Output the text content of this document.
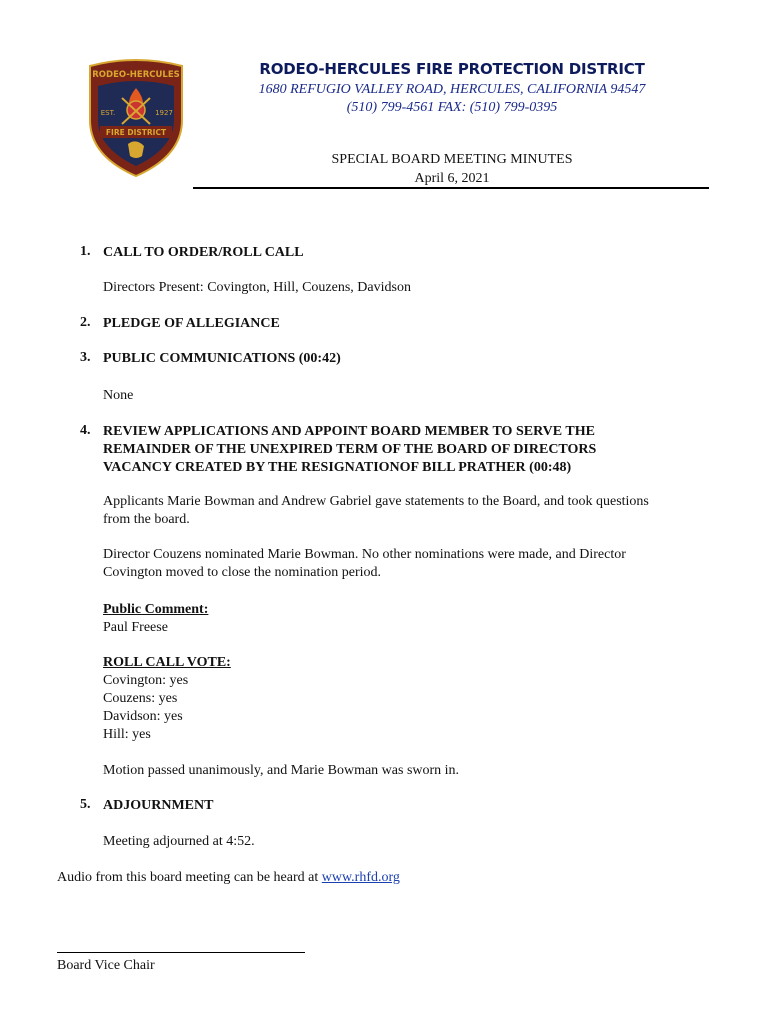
RODEO-HERCULES
EST.	1927
FIRE DISTRICT
RODEO-HERCULES FIRE PROTECTION DISTRICT
1680 REFUGIO VALLEY ROAD, HERCULES, CALIFORNIA 94547
(510) 799-4561 FAX: (510) 799-0395
SPECIAL BOARD MEETING MINUTES
April 6, 2021
1. CALL TO ORDER/ROLL CALL
Directors Present: Covington, Hill, Couzens, Davidson
2. PLEDGE OF ALLEGIANCE
3. PUBLIC COMMUNICATIONS (00:42)
None
4. REVIEW APPLICATIONS AND APPOINT BOARD MEMBER TO SERVE THE
REMAINDER OF THE UNEXPIRED TERM OF THE BOARD OF DIRECTORS
VACANCY CREATED BY THE RESIGNATIONOF BILL PRATHER (00:48)
Applicants Marie Bowman and Andrew Gabriel gave statements to the Board, and took questions
from the board.
Director Couzens nominated Marie Bowman. No other nominations were made, and Director
Covington moved to close the nomination period.
Public Comment:
Paul Freese
ROLL CALL VOTE:
Covington: yes
Couzens: yes
Davidson: yes
Hill: yes
Motion passed unanimously, and Marie Bowman was sworn in.
5. ADJOURNMENT
Meeting adjourned at 4:52.
Audio from this board meeting can be heard at www.rhfd.org
Board Vice Chair
